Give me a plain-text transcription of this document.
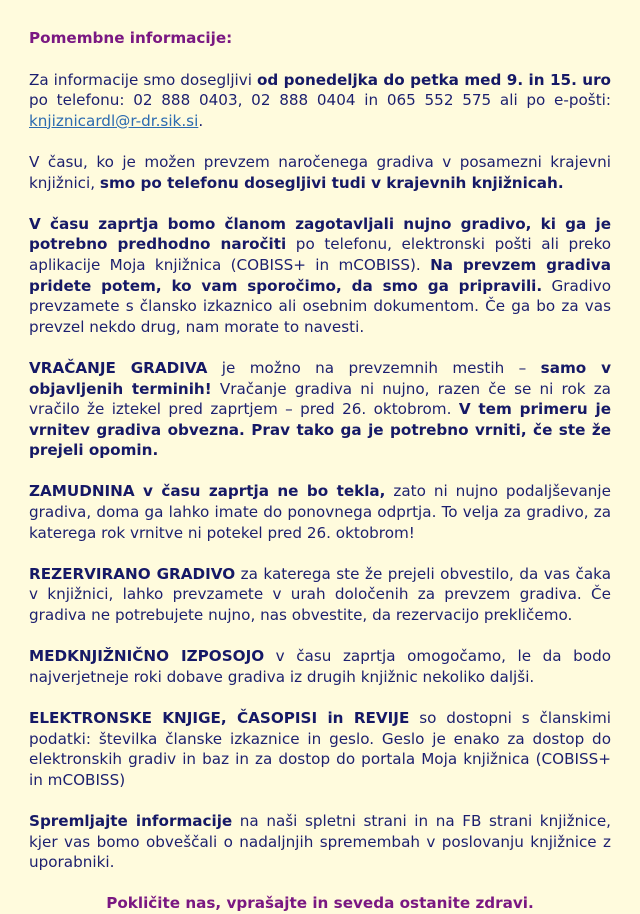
Pomembne informacije:

Za informacije smo dosegljivi od ponedeljka do petka med 9. in 15. uro po telefonu: 02 888 0403, 02 888 0404 in 065 552 575 ali po e-pošti: knjiznicardl@r-dr.sik.si.

V času, ko je možen prevzem naročenega gradiva v posamezni krajevni knjižnici, smo po telefonu dosegljivi tudi v krajevnih knjižnicah.

V času zaprtja bomo članom zagotavljali nujno gradivo, ki ga je potrebno predhodno naročiti po telefonu, elektronski pošti ali preko aplikacije Moja knjižnica (COBISS+ in mCOBISS). Na prevzem gradiva pridete potem, ko vam sporočimo, da smo ga pripravili. Gradivo prevzamete s člansko izkaznico ali osebnim dokumentom. Če ga bo za vas prevzel nekdo drug, nam morate to navesti.

VRAČANJE GRADIVA je možno na prevzemnih mestih – samo v objavljenih terminih! Vračanje gradiva ni nujno, razen če se ni rok za vračilo že iztekel pred zaprtjem – pred 26. oktobrom. V tem primeru je vrnitev gradiva obvezna. Prav tako ga je potrebno vrniti, če ste že prejeli opomin.

ZAMUDNINA v času zaprtja ne bo tekla, zato ni nujno podaljševanje gradiva, doma ga lahko imate do ponovnega odprtja. To velja za gradivo, za katerega rok vrnitve ni potekel pred 26. oktobrom!

REZERVIRANO GRADIVO za katerega ste že prejeli obvestilo, da vas čaka v knjižnici, lahko prevzamete v urah določenih za prevzem gradiva. Če gradiva ne potrebujete nujno, nas obvestite, da rezervacijo prekličemo.

MEDKNJIŽNIČNO IZPOSOJO v času zaprtja omogočamo, le da bodo najverjetneje roki dobave gradiva iz drugih knjižnic nekoliko daljši.

ELEKTRONSKE KNJIGE, ČASOPISI in REVIJE so dostopni s članskimi podatki: številka članske izkaznice in geslo. Geslo je enako za dostop do elektronskih gradiv in baz in za dostop do portala Moja knjižnica (COBISS+ in mCOBISS)

Spremljajte informacije na naši spletni strani in na FB strani knjižnice, kjer vas bomo obveščali o nadaljnjih spremembah v poslovanju knjižnice z uporabniki.

Pokličite nas, vprašajte in seveda ostanite zdravi.
